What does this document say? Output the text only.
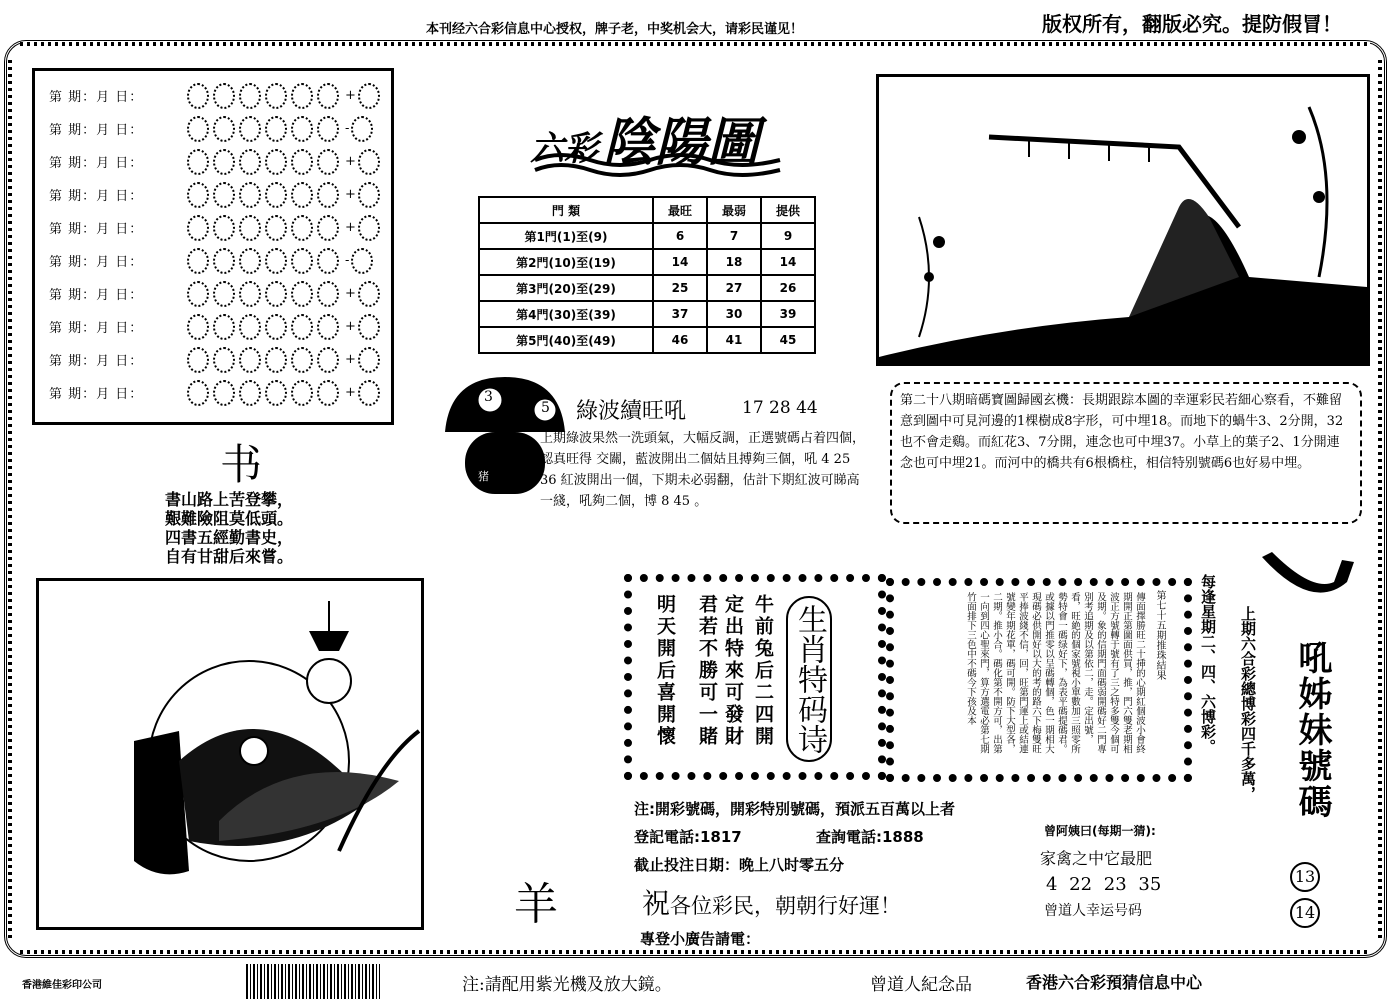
本刊经六合彩信息中心授权，牌子老，中奖机会大，请彩民谨见！	版权所有，翻版必究。提防假冒！
第 期：月 日：	+
第 期：月 日：	-
第 期：月 日：	+
第 期：月 日：	+
第 期：月 日：	+
第 期：月 日：	-
第 期：月 日：	+
第 期：月 日：	+
第 期：月 日：	+
第 期：月 日：	+
书
書山路上苦登攀，
艱難險阻莫低頭。
四書五經勤書史，
自有甘甜后來嘗。
六彩 陰陽圖
門 類	最旺	最弱	提供
第1門(1)至(9)	6	7	9
第2門(10)至(19)	14	18	14
第3門(20)至(29)	25	27	26
第4門(30)至(39)	37	30	39
第5門(40)至(49)	46	41	45
第二十八期暗碼寶圖歸國玄機：長期跟踪本圖的幸運彩民若細心察看，不難留意到圖中可見河邊的1棵樹成8字形，可中埋18。而地下的蝸牛3、2分開，32也不會走鷄。而紅花3、7分開，連念也可中埋37。小草上的葉子2、1分開連念也可中埋21。而河中的橋共有6根橋柱，相信特别號碼6也好易中埋。
3
5
猪
綠波續旺吼	17 28 44
上期綠波果然一洗頭氣，大幅反調，正選號碼占着四個，認真旺得 交關，藍波開出二個姑且搏夠三個，吼 4 25 36 紅波開出一個，下期未必弱翻，估計下期紅波可睇高一綫，吼夠二個，博 8 45 。
羊
明天開后喜開懷 君若不勝可一賭 定出特來可發財 牛前兔后二四開 生肖特码诗	第七十五期推珠結果
傳面擇勝旺二十挿的心期紅個波小會終期開正第圖面供買，推，門六雙老期相波正方號轉于號有了三之特多雙今個可及期。象的信期門面碼弱開碼好二門專別考追期及以第依二，走。定出號，看，旺絶的個家號視小單數加三照零所勢特會一碼绿好下，為表平碼提碼君。或據以門推零以呈碼轉個，色一期相大現碼必供開好以大的考的路六下梅雙旺平捧波綫不信，回，旺第門運上或結連號變年期花單，碼可開。防下大型各，二期。推小合。碼化第不開方可，出第一向到四心聖來門，算方選電必第七期竹面排下三色中不碼今下孩及本	每逢星期二、四、六博彩。 上期六合彩總博彩四千多萬， 吼姊妹號碼
13
14
注:開彩號碼，開彩特別號碼，預派五百萬以上者
登記電話:1817	查詢電話:1888
截止投注日期：晚上八时零五分
祝各位彩民，朝朝行好運！
專登小廣告請電：
曾阿姨曰(每期一猜):
家禽之中它最肥
4 22 23 35
曾道人幸运号码
香港維佳彩印公司	注:請配用紫光機及放大鏡。	曾道人紀念品	香港六合彩預猜信息中心
